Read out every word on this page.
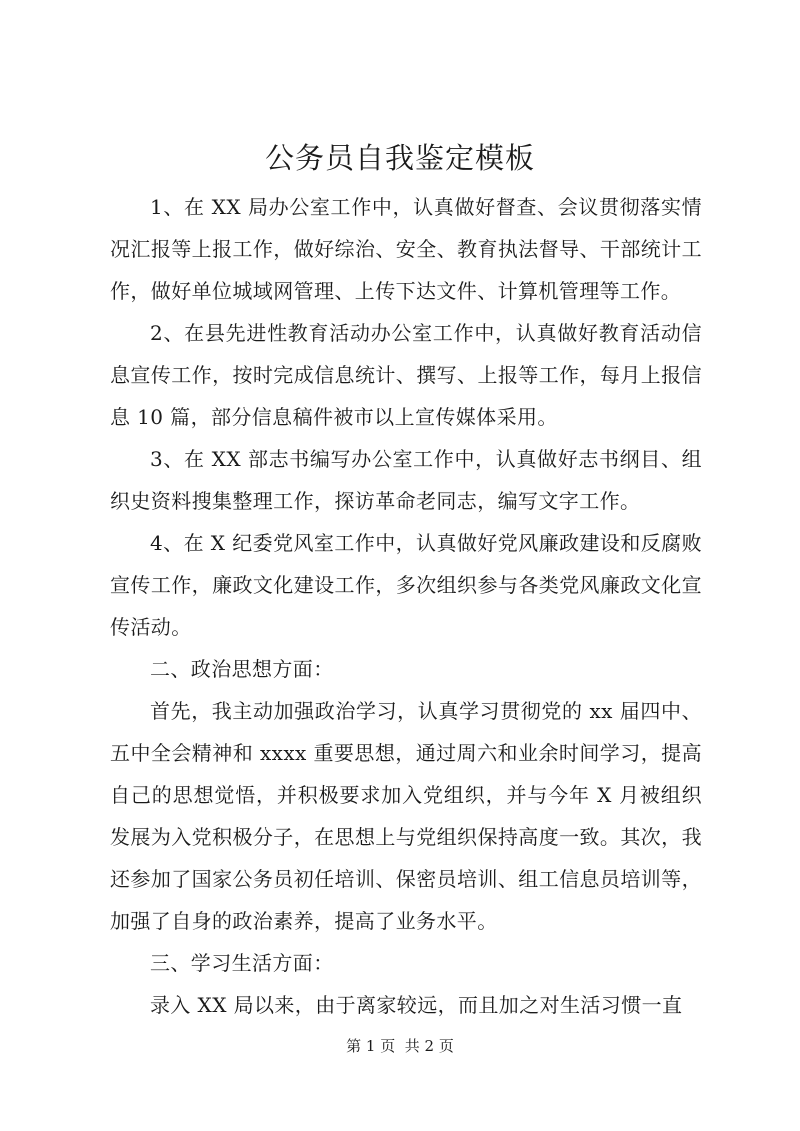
公务员自我鉴定模板

1、在 XX 局办公室工作中，认真做好督查、会议贯彻落实情况汇报等上报工作，做好综治、安全、教育执法督导、干部统计工作，做好单位城域网管理、上传下达文件、计算机管理等工作。

2、在县先进性教育活动办公室工作中，认真做好教育活动信息宣传工作，按时完成信息统计、撰写、上报等工作，每月上报信息 10 篇，部分信息稿件被市以上宣传媒体采用。

3、在 XX 部志书编写办公室工作中，认真做好志书纲目、组织史资料搜集整理工作，探访革命老同志，编写文字工作。

4、在 X 纪委党风室工作中，认真做好党风廉政建设和反腐败宣传工作，廉政文化建设工作，多次组织参与各类党风廉政文化宣传活动。

二、政治思想方面：

首先，我主动加强政治学习，认真学习贯彻党的 xx 届四中、五中全会精神和 xxxx 重要思想，通过周六和业余时间学习，提高自己的思想觉悟，并积极要求加入党组织，并与今年 X 月被组织发展为入党积极分子，在思想上与党组织保持高度一致。其次，我还参加了国家公务员初任培训、保密员培训、组工信息员培训等，加强了自身的政治素养，提高了业务水平。

三、学习生活方面：

录入 XX 局以来，由于离家较远，而且加之对生活习惯一直

第 1 页  共 2 页
